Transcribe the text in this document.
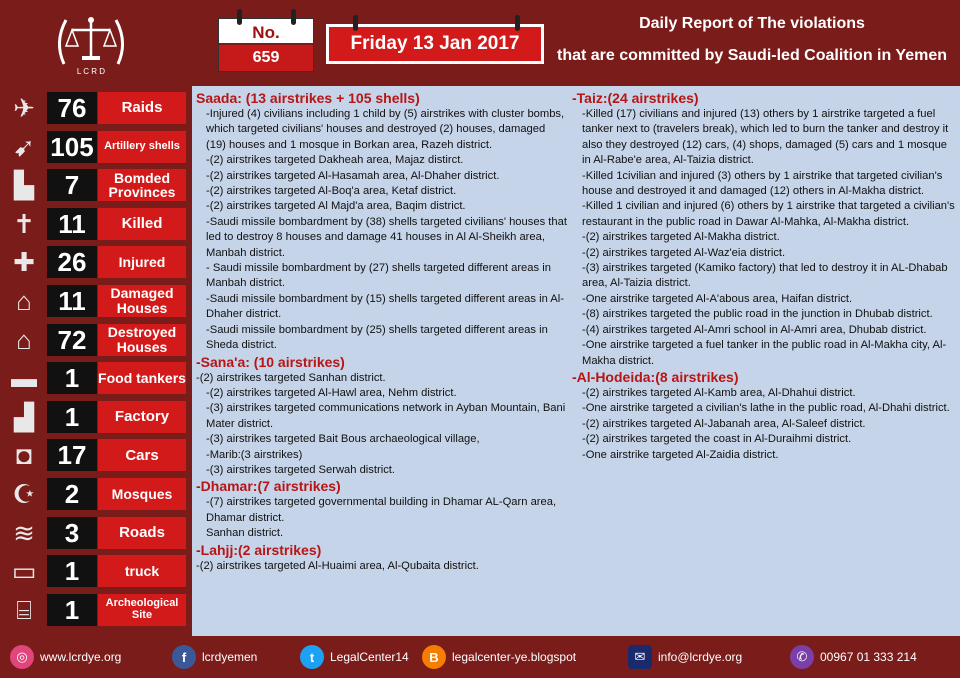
L C R D
No.
659
Friday 13 Jan 2017
Daily Report of The violations
that are committed by Saudi-led Coalition in Yemen
✈ 76	Raids
➹ 105 Artillery shells
▙	7	Bomded Provinces
✝ 11	Killed
✚ 26	Injured
⌂	11	Damaged Houses
⌂ 72	Destroyed Houses
▬	1	Food tankers
▟	1	Factory
◘ 17	Cars
☪	2	Mosques
≋	3	Roads
▭	1	truck
⌸	1	Archeological Site
Saada: (13 airstrikes + 105 shells)
-Injured (4) civilians including 1 child by (5) airstrikes with cluster bombs, which targeted civilians' houses and destroyed (2) houses, damaged (19) houses and 1 mosque in Borkan area, Razeh district.
-(2) airstrikes targeted Dakheah area, Majaz distirct.
-(2) airstrikes targeted Al-Hasamah area, Al-Dhaher district.
-(2) airstrikes targeted Al-Boq'a area, Ketaf district.
-(2) airstrikes targeted Al Majd'a area, Baqim district.
-Saudi missile bombardment by (38) shells targeted civilians' houses that led to destroy 8 houses and damage 41 houses in Al Al-Sheikh area, Manbah district.
- Saudi missile bombardment by (27) shells targeted different areas in Manbah district.
-Saudi missile bombardment by (15) shells targeted different areas in Al-Dhaher district.
-Saudi missile bombardment by (25) shells targeted different areas in Sheda district.
-Sana'a: (10 airstrikes)
-(2) airstrikes targeted Sanhan district.
-(2) airstrikes targeted Al-Hawl area, Nehm district.
-(3) airstrikes targeted communications network in Ayban Mountain, Bani Mater district.
-(3) airstrikes targeted Bait Bous archaeological village,
-Marib:(3 airstrikes)
-(3) airstrikes targeted Serwah district.
-Dhamar:(7 airstrikes)
-(7) airstrikes targeted governmental building in Dhamar AL-Qarn area, Dhamar district.
Sanhan district.
-Lahjj:(2 airstrikes)
-(2) airstrikes targeted Al-Huaimi area, Al-Qubaita district.
-Taiz:(24 airstrikes)
-Killed (17) civilians and injured (13) others by 1 airstrike targeted a fuel tanker next to (travelers break), which led to burn the tanker and destroy it also they destroyed (12) cars, (4) shops, damaged (5) cars and 1 mosque in Al-Rabe'e area, Al-Taizia district.
-Killed 1civilian and injured (3) others by 1 airstrike that targeted civilian's house and destroyed it and damaged (12) others in Al-Makha district.
-Killed 1 civilian and injured (6) others by 1 airstrike that targeted a civilian's restaurant in the public road in Dawar Al-Mahka, Al-Makha district.
-(2) airstrikes targeted Al-Makha district.
-(2) airstrikes targeted Al-Waz'eia district.
-(3) airstrikes targeted (Kamiko factory) that led to destroy it in AL-Dhabab area, Al-Taizia district.
-One airstrike targeted Al-A'abous area, Haifan district.
-(8) airstrikes targeted the public road in the junction in Dhubab district.
-(4) airstrikes targeted Al-Amri school in Al-Amri area, Dhubab district.
-One airstrike targeted a fuel tanker in the public road in Al-Makha city, Al-Makha district.
-Al-Hodeida:(8 airstrikes)
-(2) airstrikes targeted Al-Kamb area, Al-Dhahui district.
-One airstrike targeted a civilian's lathe in the public road, Al-Dhahi district.
-(2) airstrikes targeted Al-Jabanah area, Al-Saleef district.
-(2) airstrikes targeted the coast in Al-Duraihmi district.
-One airstrike targeted Al-Zaidia district.
◎	www.lcrdye.org	f	lcrdyemen	t	LegalCenter14	B	legalcenter-ye.blogspot	✉	info@lcrdye.org	✆	00967 01 333 214
